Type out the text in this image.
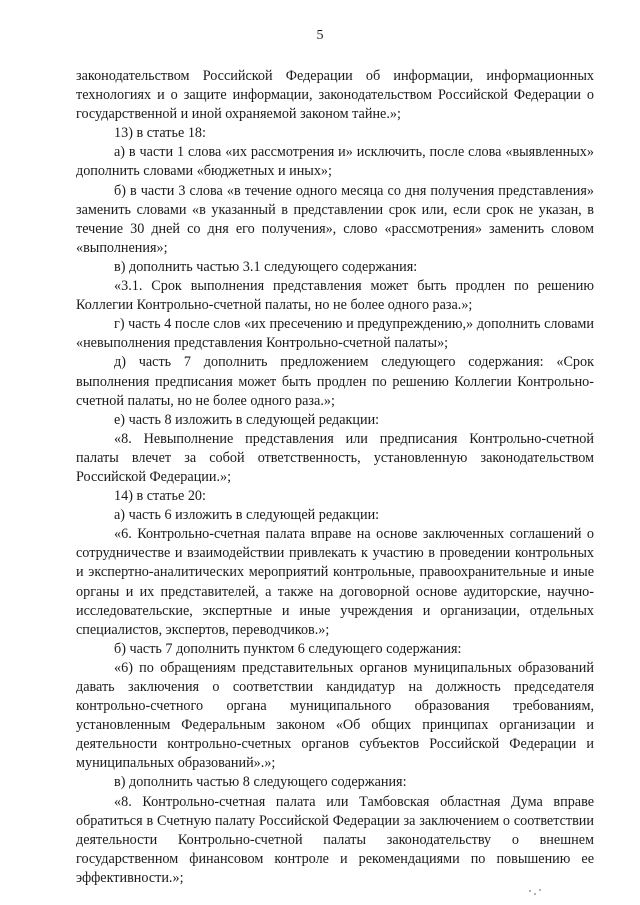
5

законодательством Российской Федерации об информации, информационных технологиях и о защите информации, законодательством Российской Федерации о государственной и иной охраняемой законом тайне.»;

13) в статье 18:

а) в части 1 слова «их рассмотрения и» исключить, после слова «выявленных» дополнить словами «бюджетных и иных»;

б) в части 3 слова «в течение одного месяца со дня получения представления» заменить словами «в указанный в представлении срок или, если срок не указан, в течение 30 дней со дня его получения», слово «рассмотрения» заменить словом «выполнения»;

в) дополнить частью 3.1 следующего содержания:

«3.1. Срок выполнения представления может быть продлен по решению Коллегии Контрольно-счетной палаты, но не более одного раза.»;

г) часть 4 после слов «их пресечению и предупреждению,» дополнить словами «невыполнения представления Контрольно-счетной палаты»;

д) часть 7 дополнить предложением следующего содержания: «Срок выполнения предписания может быть продлен по решению Коллегии Контрольно-счетной палаты, но не более одного раза.»;

е) часть 8 изложить в следующей редакции:

«8. Невыполнение представления или предписания Контрольно-счетной палаты влечет за собой ответственность, установленную законодательством Российской Федерации.»;

14) в статье 20:

а) часть 6 изложить в следующей редакции:

«6. Контрольно-счетная палата вправе на основе заключенных соглашений о сотрудничестве и взаимодействии привлекать к участию в проведении контрольных и экспертно-аналитических мероприятий контрольные, правоохранительные и иные органы и их представителей, а также на договорной основе аудиторские, научно-исследовательские, экспертные и иные учреждения и организации, отдельных специалистов, экспертов, переводчиков.»;

б) часть 7 дополнить пунктом 6 следующего содержания:

«6) по обращениям представительных органов муниципальных образований давать заключения о соответствии кандидатур на должность председателя контрольно-счетного органа муниципального образования требованиям, установленным Федеральным законом «Об общих принципах организации и деятельности контрольно-счетных органов субъектов Российской Федерации и муниципальных образований».»;

в) дополнить частью 8 следующего содержания:

«8. Контрольно-счетная палата или Тамбовская областная Дума вправе обратиться в Счетную палату Российской Федерации за заключением о соответствии деятельности Контрольно-счетной палаты законодательству о внешнем государственном финансовом контроле и рекомендациями по повышению ее эффективности.»;
